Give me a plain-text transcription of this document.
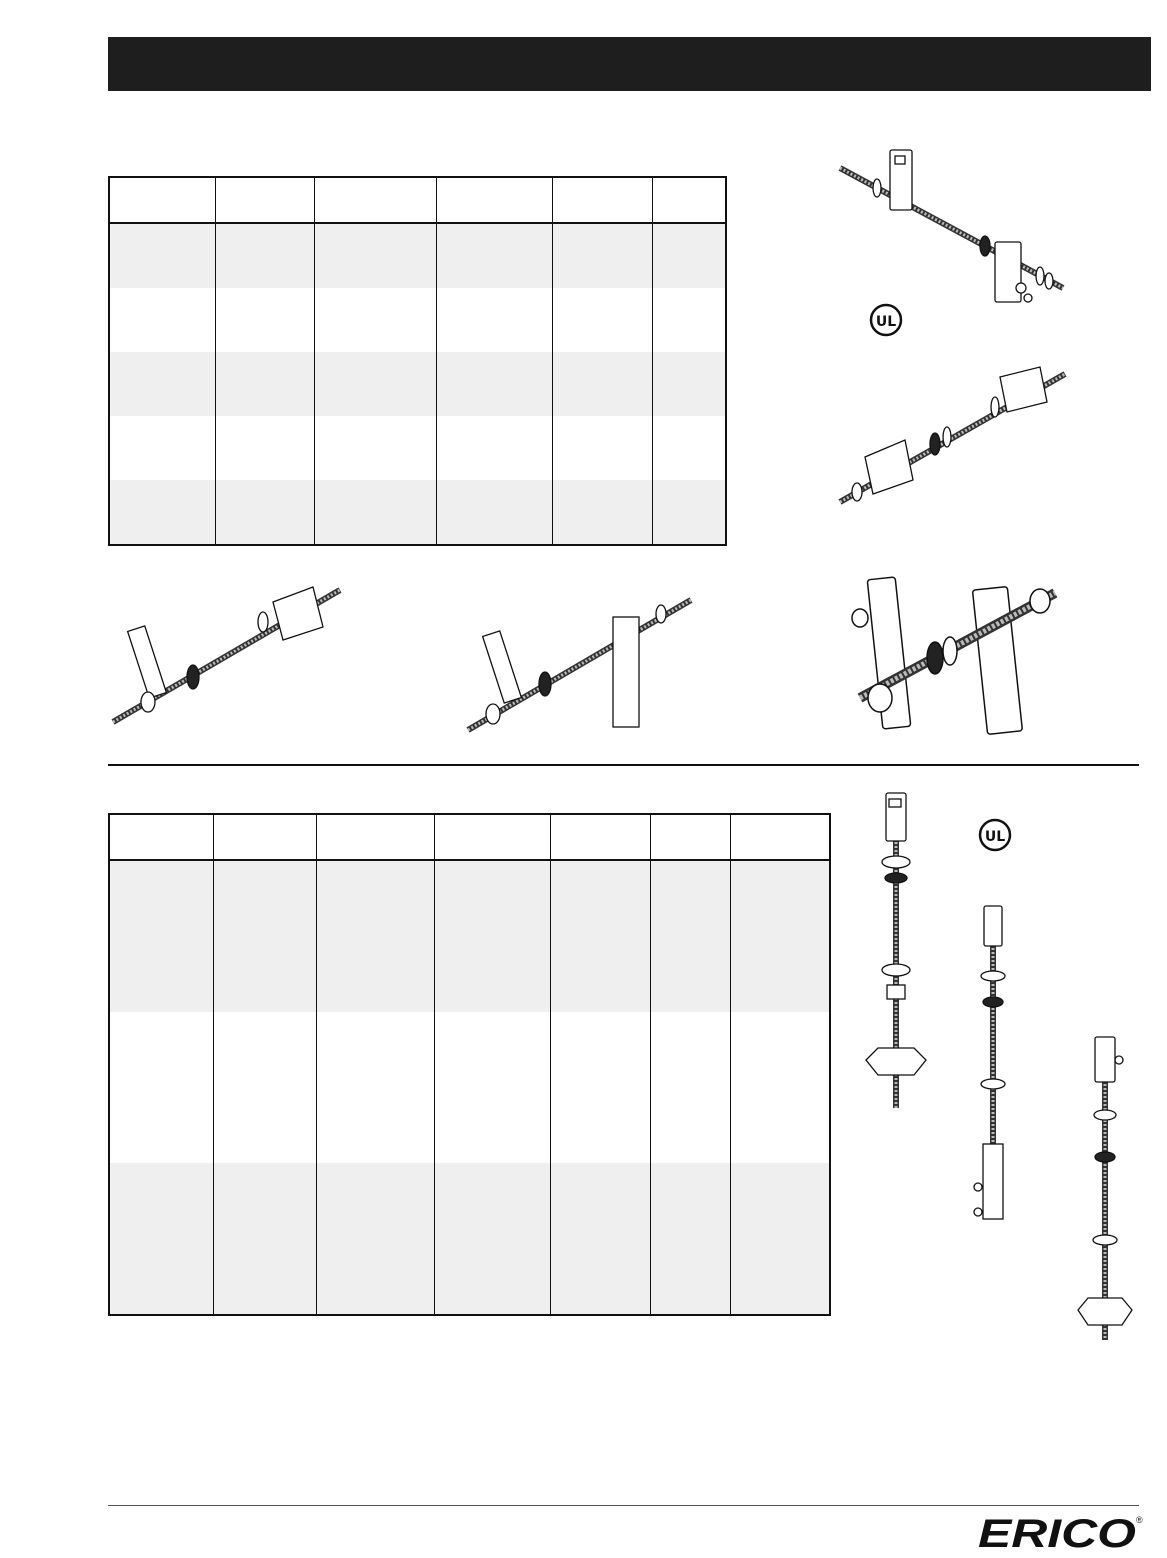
UL

UL
ERICO ®
